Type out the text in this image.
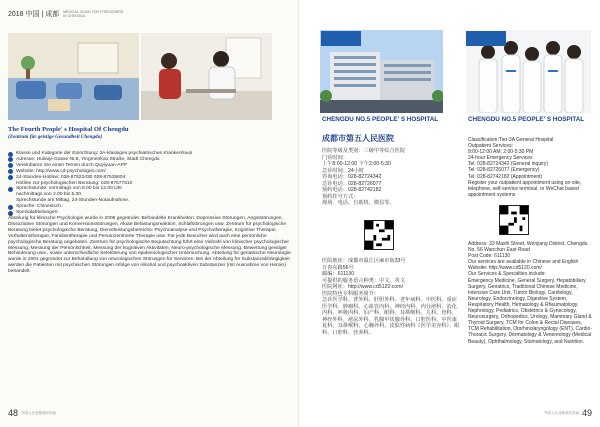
2018 中国 | 成都 MEDICAL GUIDE FOR FOREIGNERS IN CHENGDU
The Fourth People' s Hospital Of Chengdu
(Zentrum für geistige Gesundheit Chengdu)
Klasse und Kategorie der Einrichtung: 3A-klassiges psychiatrisches Krankenhaus
Adresse: Huilaiyi-Gasse Nr.8, Yingmenkou Straße, Stadt Chengdu
Vereinbaren Sie einen Termin durch Quyiyuan-APP
Website: http://www.cd-psychologist.com/
24-Stunden-Hotline: 028-87522430 028-87528604
Hotline zur psychologischen Beratung: 028-87577510
Sprechstunde: vormittags von 8.00 bis 12.00 Uhr
nachmittags von 2.00 bis 5.30
Sprechstunde am Mittag, 24-Stunden-Notaufnahme.
Sprache: Chinesisch.
Spezialabteilungen:
Abteilung für klinische Psychologie wurde in 2006 gegründet. Behandelte Krankheiten: Depressive Störungen, Angststörungen, Dissoziative Störungen und Konversionsstörungen, Akute Belastungsreaktion, Schlafstörungen usw. Zentrum für psychologische Beratung bietet psychologische Beratung, Dienstleistungsbereiche: Psychoanalyse und Psychotherapie, Kognitive Therapie, Verhaltenstherapie, Familientherapie und Personzentrierte Therapie usw. Für jede Besucher wird auch eine persönliche psychologische Beratung angeboten. Zentrum für psychologische Begutachtung führt eine Vielzahl von klinischer psychologischer Messung, Messung der Persönlichkeit, Messung der kognitiven Aktivitäten, Neuro-psychologische Messung, Bewertung geistiger Behinderung usw., sowie unterschiedliche Selektierung von epidemiologischer Untersuchung. Abteilung für geriatrische Neurologie wurde in 2001 gegründet zur Behandlung von neurologischen Störungen für Senioren. Bei der Abteilung für Substanzabhängigkeit werden die Patienten mit psychischen Störungen infolge von Alkohol und psychoaktiven Substanzen (mit Ausnahme von Heroin) behandelt.
48 外国人在成都就医指南
CHENGDU NO.5 PEOPLE' S HOSPITAL
成都市第五人民医院
医院等级及类别：三级甲等综合医院
门诊时间：
上午8:00-12:00 下午2:00-5:30
急诊时间：24小时
咨询电话：028-82724342
急诊电话：028-82726077
预约电话：028-82742182
预约挂号方式：
现场、电话、自助机、微信等。
医院地址：成都市温江区麻市街33号
万春东路56号
邮编：611130
可提供的服务语言种类：中文、英文
医院网址：http://www.cd5120.com/
医院特色专科服务简介：
急诊医学科、普外科、肝胆外科、老年病科、中医科、重症医学科、肿瘤科、心血管内科、神经内科、内分泌科、消化内科、呼吸内科、妇产科、眼科、耳鼻喉科、儿科、骨科、神经外科、泌尿外科、乳腺甲状腺外科、口腔医科、中医康复科、耳鼻喉科、心胸外科、皮肤性病科（医学美容科）、眼科、口腔科、营养科。
CHENGDU NO.5 PEOPLE' S HOSPITAL
Classification:Tier-3A General Hospital
Outpatient Services:
8:00-12:00 AM; 2:00-5:30 PM
24-hour Emergency Services
Tel: 028-82724342 (General inquiry)
Tel: 028-82726077 (Emergency)
Tel: 028-82742182 (Appointment)
Register your outpatient appointment using on-site, telephone, self-service terminal, or WeChat based appointment systems
Address: 33 Mashi Street, Wenjiang District, Chengdu
No. 56 Wanchun East Road
Post Code: 611130
Our services are available in Chinese and English
Website: http://www.cd5120.com/
Our Services & Specialties include:
Emergency Medicine, General Surgery, Hepatobiliary Surgery, Geriatrics, Traditional Chinese Medicine, Intensive Care Unit, Tumor Biology, Cardiology, Neurology, Endocrinology, Digestive System, Respiratory Health, Hematology & Rheumatology, Nephrology, Pediatrics, Obstetrics & Gynecology, Neurosurgery, Orthopedics, Urology, Mammary Gland & Thyroid Surgery, TCM for Colon & Rectal Diseases, TCM Rehabilitation, Otorhinolaryngology (ENT), Cardio-Thoracic Surgery, Dermatology & Venereology (Medical Beauty), Ophthalmology, Stomatology, and Nutrition.
49
外国人在成都就医指南
